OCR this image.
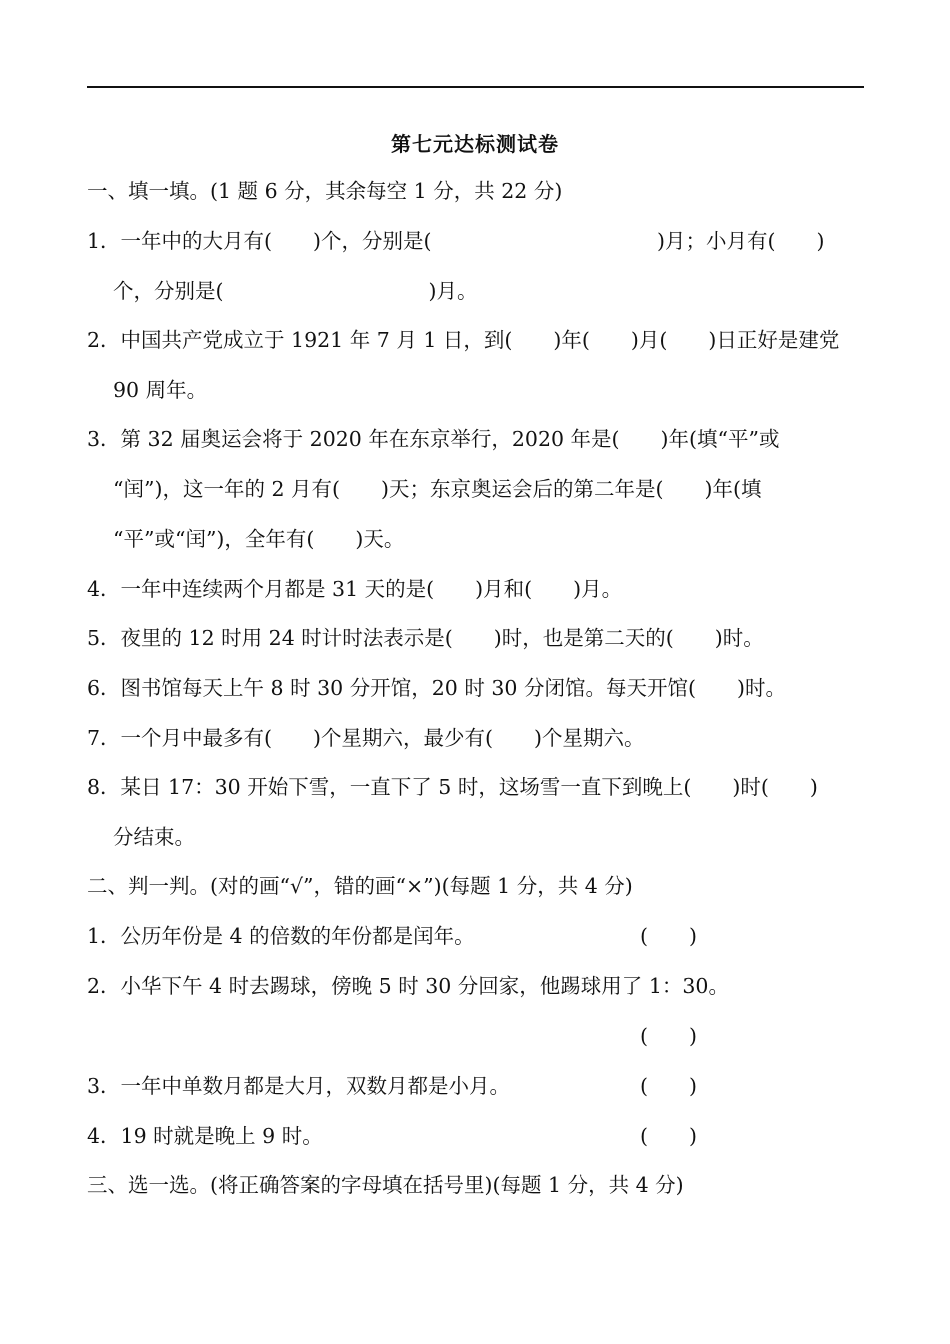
第七元达标测试卷
一、填一填。(1 题 6 分，其余每空 1 分，共 22 分)
1．一年中的大月有(　　)个，分别是(　　　　　　　　　　　)月；小月有(　　)
个，分别是(　　　　　　　　　　)月。
2．中国共产党成立于 1921 年 7 月 1 日，到(　　)年(　　)月(　　)日正好是建党
90 周年。
3．第 32 届奥运会将于 2020 年在东京举行，2020 年是(　　)年(填“平”或
“闰”)，这一年的 2 月有(　　)天；东京奥运会后的第二年是(　　)年(填
“平”或“闰”)，全年有(　　)天。
4．一年中连续两个月都是 31 天的是(　　)月和(　　)月。
5．夜里的 12 时用 24 时计时法表示是(　　)时，也是第二天的(　　)时。
6．图书馆每天上午 8 时 30 分开馆，20 时 30 分闭馆。每天开馆(　　)时。
7．一个月中最多有(　　)个星期六，最少有(　　)个星期六。
8．某日 17：30 开始下雪，一直下了 5 时，这场雪一直下到晚上(　　)时(　　)
分结束。
二、判一判。(对的画“√”，错的画“×”)(每题 1 分，共 4 分)
1．公历年份是 4 的倍数的年份都是闰年。	(　　)
2．小华下午 4 时去踢球，傍晚 5 时 30 分回家，他踢球用了 1：30。
(　　)
3．一年中单数月都是大月，双数月都是小月。	(　　)
4．19 时就是晚上 9 时。	(　　)
三、选一选。(将正确答案的字母填在括号里)(每题 1 分，共 4 分)
